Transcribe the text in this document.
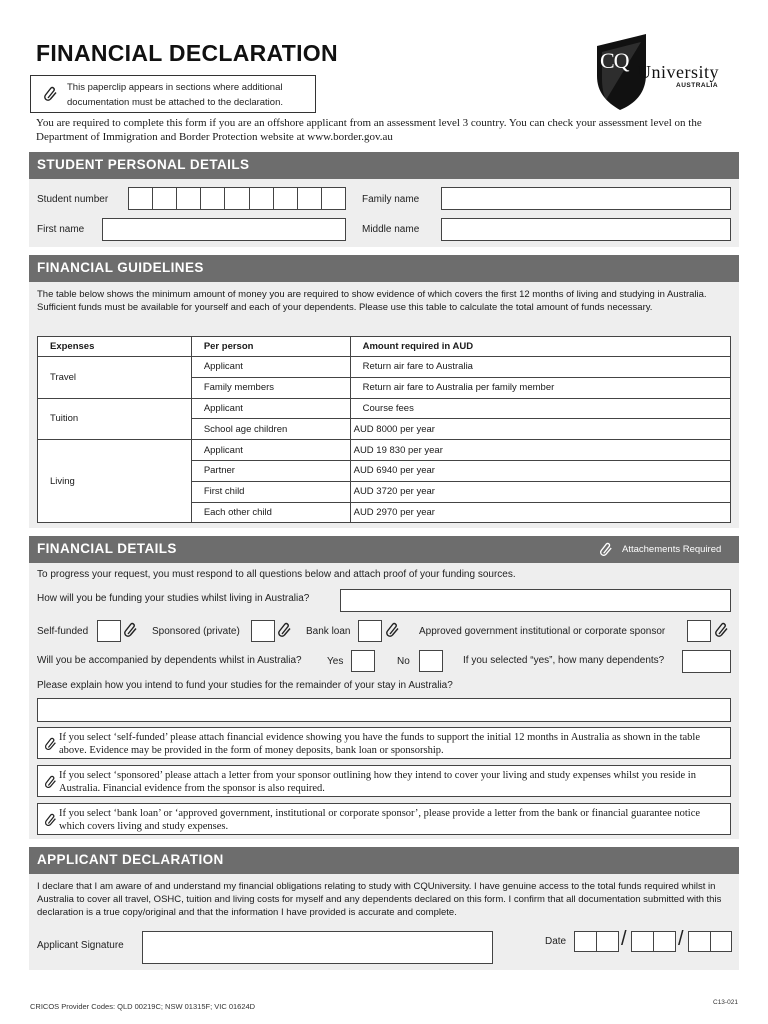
FINANCIAL DECLARATION
This paperclip appears in sections where additional documentation must be attached to the declaration.
CQ University
AUSTRALIA
You are required to complete this form if you are an offshore applicant from an assessment level 3 country. You can check your assessment level on the Department of Immigration and Border Protection website at www.border.gov.au
STUDENT PERSONAL DETAILS
Student number	Family name
First name	Middle name
FINANCIAL GUIDELINES
The table below shows the minimum amount of money you are required to show evidence of which covers the first 12 months of living and studying in Australia. Sufficient funds must be available for yourself and each of your dependents. Please use this table to calculate the total amount of funds necessary.
Expenses	Per person	Amount required in AUD
Travel	Applicant	Return air fare to Australia
	Family members	Return air fare to Australia per family member
Tuition	Applicant	Course fees
	School age children	AUD 8000 per year
Living	Applicant	AUD 19 830 per year
	Partner	AUD 6940 per year
	First child	AUD 3720 per year
	Each other child	AUD 2970 per year
FINANCIAL DETAILS	Attachements Required
To progress your request, you must respond to all questions below and attach proof of your funding sources.
How will you be funding your studies whilst living in Australia?
Self-funded	Sponsored (private)	Bank loan	Approved government institutional or corporate sponsor
Will you be accompanied by dependents whilst in Australia?	Yes	No	If you selected “yes”, how many dependents?
Please explain how you intend to fund your studies for the remainder of your stay in Australia?
If you select ‘self-funded’ please attach financial evidence showing you have the funds to support the initial 12 months in Australia as shown in the table above. Evidence may be provided in the form of money deposits, bank loan or sponsorship.
If you select ‘sponsored’ please attach a letter from your sponsor outlining how they intend to cover your living and study expenses whilst you reside in Australia. Financial evidence from the sponsor is also required.
If you select ‘bank loan’ or ‘approved government, institutional or corporate sponsor’, please provide a letter from the bank or financial guarantee notice which covers living and study expenses.
APPLICANT DECLARATION
I declare that I am aware of and understand my financial obligations relating to study with CQUniversity. I have genuine access to the total funds required whilst in Australia to cover all travel, OSHC, tuition and living costs for myself and any dependents declared on this form. I confirm that all documentation submitted with this declaration is a true copy/original and that the information I have provided is accurate and complete.
Applicant Signature	Date	/	/
CRICOS Provider Codes: QLD 00219C; NSW 01315F; VIC 01624D	C13-021
